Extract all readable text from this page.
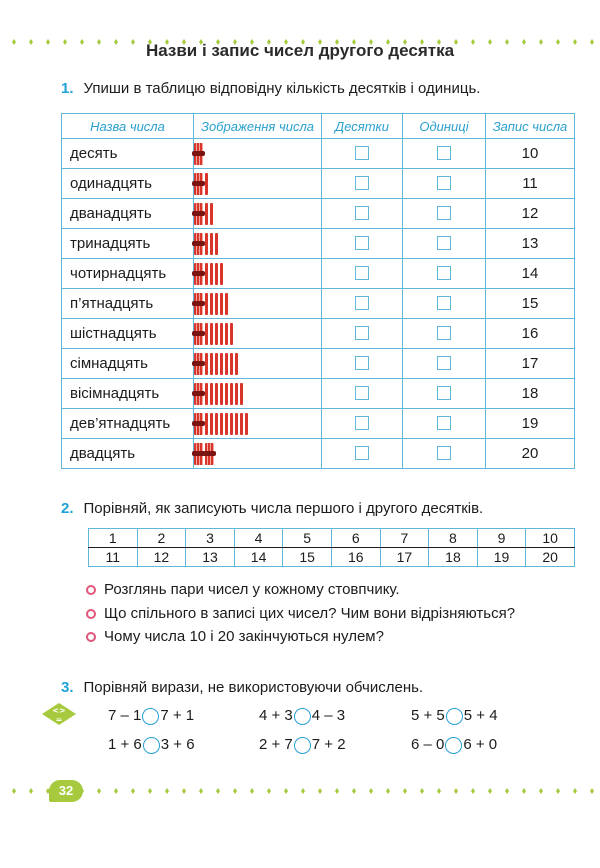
Назви і запис чисел другого десятка
1. Упиши в таблицю відповідну кількість десятків і одиниць.
Назва числа	Зображення числа	Десятки	Одиниці	Запис числа
десять				10
одинадцять				11
дванадцять				12
тринадцять				13
чотирнадцять				14
п’ятнадцять				15
шістнадцять				16
сімнадцять				17
вісімнадцять				18
дев’ятнадцять				19
двадцять				20
2. Порівняй, як записують числа першого і другого десятків.
1	2	3	4	5	6	7	8	9	10
11	12	13	14	15	16	17	18	19	20
Розглянь пари чисел у кожному стовпчику.
Що спільного в записі цих чисел? Чим вони відрізняються?
Чому числа 10 і 20 закінчуються нулем?
3. Порівняй вирази, не використовуючи обчислень.
<>
=	7 – 1 7 + 1	4 + 3 4 – 3	5 + 5 5 + 4
1 + 6 3 + 6	2 + 7 7 + 2	6 – 0 6 + 0
32
